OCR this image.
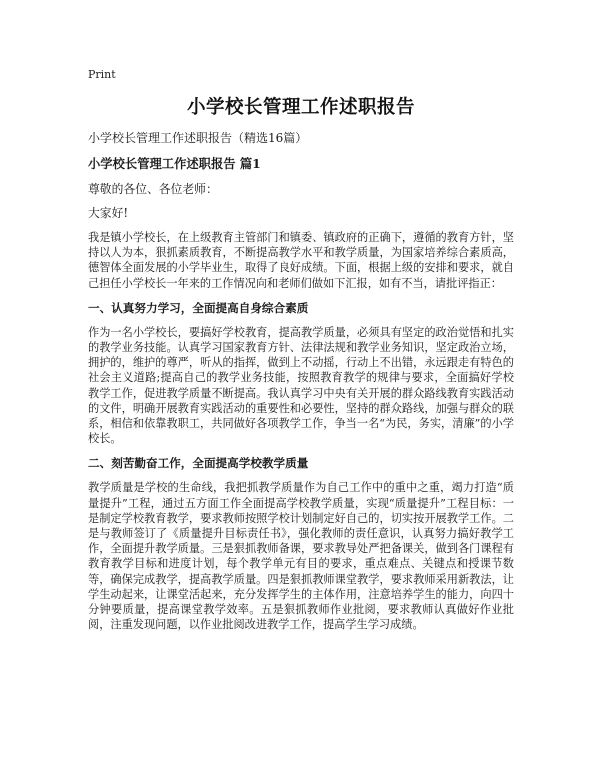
Print
小学校长管理工作述职报告
小学校长管理工作述职报告（精选16篇）
小学校长管理工作述职报告 篇1
尊敬的各位、各位老师：
大家好!

我是镇小学校长，在上级教育主管部门和镇委、镇政府的正确下，遵循的教育方针，坚持以人为本，狠抓素质教育，不断提高教学水平和教学质量，为国家培养综合素质高，德智体全面发展的小学毕业生，取得了良好成绩。下面，根据上级的安排和要求，就自己担任小学校长一年来的工作情况向和老师们做如下汇报，如有不当，请批评指正：

一、认真努力学习，全面提高自身综合素质

作为一名小学校长，要搞好学校教育，提高教学质量，必须具有坚定的政治觉悟和扎实的教学业务技能。认真学习国家教育方针、法律法规和教学业务知识，坚定政治立场，拥护的，维护的尊严，听从的指挥，做到上不动摇，行动上不出错，永远跟走有特色的社会主义道路;提高自己的教学业务技能，按照教育教学的规律与要求，全面搞好学校教学工作，促进教学质量不断提高。我认真学习中央有关开展的群众路线教育实践活动的文件，明确开展教育实践活动的重要性和必要性，坚持的群众路线，加强与群众的联系，相信和依靠教职工，共同做好各项教学工作，争当一名“为民，务实，清廉”的小学校长。

二、刻苦勤奋工作，全面提高学校教学质量

教学质量是学校的生命线，我把抓教学质量作为自己工作中的重中之重，竭力打造“质量提升”工程，通过五方面工作全面提高学校教学质量，实现“质量提升”工程目标：一是制定学校教育教学，要求教师按照学校计划制定好自己的，切实按开展教学工作。二是与教师签订了《质量提升目标责任书》，强化教师的责任意识，认真努力搞好教学工作，全面提升教学质量。三是狠抓教师备课，要求教导处严把备课关，做到各门课程有教育教学目标和进度计划，每个教学单元有目的要求，重点难点、关键点和授课节数等，确保完成教学，提高教学质量。四是狠抓教师课堂教学，要求教师采用新教法，让学生动起来，让课堂活起来，充分发挥学生的主体作用，注意培养学生的能力，向四十分钟要质量，提高课堂教学效率。五是狠抓教师作业批阅，要求教师认真做好作业批阅，注重发现问题，以作业批阅改进教学工作，提高学生学习成绩。
